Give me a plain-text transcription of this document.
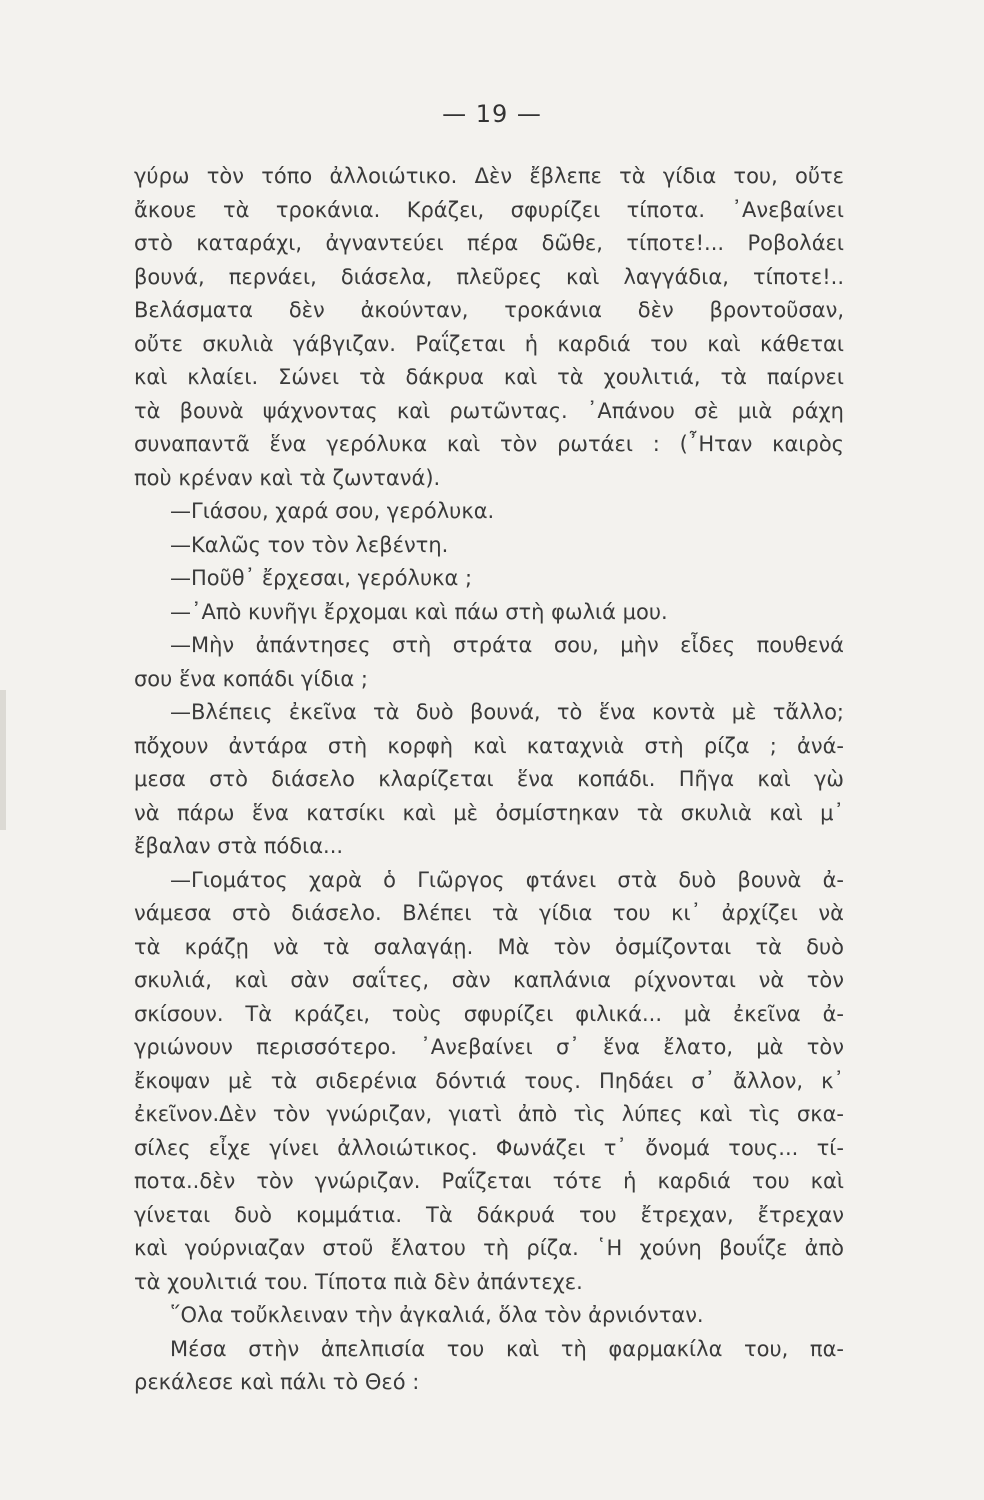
— 19 —
γύρω τὸν τόπο ἀλλοιώτικο. Δὲν ἔβλεπε τὰ γίδια του, οὔτε
ἄκουε τὰ τροκάνια. Κράζει, σφυρίζει τίποτα. ᾿Ανεβαίνει
στὸ καταράχι, ἀγναντεύει πέρα δῶθε, τίποτε!... Ροβολάει
βουνά, περνάει, διάσελα, πλεῦρες καὶ λαγγάδια, τίποτε!..
Βελάσματα δὲν ἀκούνταν, τροκάνια δὲν βροντοῦσαν,
οὔτε σκυλιὰ γάβγιζαν. Ραΐζεται ἡ καρδιά του καὶ κάθεται
καὶ κλαίει. Σώνει τὰ δάκρυα καὶ τὰ χουλιτιά, τὰ παίρνει
τὰ βουνὰ ψάχνοντας καὶ ρωτῶντας. ᾿Απάνου σὲ μιὰ ράχη
συναπαντᾶ ἕνα γερόλυκα καὶ τὸν ρωτάει : (῏Ηταν καιρὸς
ποὺ κρέναν καὶ τὰ ζωντανά).
—Γιάσου, χαρά σου, γερόλυκα.
—Καλῶς τον τὸν λεβέντη.
—Ποῦθ᾿ ἔρχεσαι, γερόλυκα ;
—᾿Απὸ κυνῆγι ἔρχομαι καὶ πάω στὴ φωλιά μου.
—Μὴν ἀπάντησες στὴ στράτα σου, μὴν εἶδες πουθενά
σου ἕνα κοπάδι γίδια ;
—Βλέπεις ἐκεῖνα τὰ δυὸ βουνά, τὸ ἕνα κοντὰ μὲ τἄλλο;
πὄχουν ἀντάρα στὴ κορφὴ καὶ καταχνιὰ στὴ ρίζα ; ἀνά-
μεσα στὸ διάσελο κλαρίζεται ἕνα κοπάδι. Πῆγα καὶ γὼ
νὰ πάρω ἕνα κατσίκι καὶ μὲ ὀσμίστηκαν τὰ σκυλιὰ καὶ μ᾿
ἔβαλαν στὰ πόδια...
—Γιομάτος χαρὰ ὁ Γιῶργος φτάνει στὰ δυὸ βουνὰ ἀ-
νάμεσα στὸ διάσελο. Βλέπει τὰ γίδια του κι᾿ ἀρχίζει νὰ
τὰ κράζῃ νὰ τὰ σαλαγάῃ. Μὰ τὸν ὀσμίζονται τὰ δυὸ
σκυλιά, καὶ σὰν σαΐτες, σὰν καπλάνια ρίχνονται νὰ τὸν
σκίσουν. Τὰ κράζει, τοὺς σφυρίζει φιλικά... μὰ ἐκεῖνα ἀ-
γριώνουν περισσότερο. ᾿Ανεβαίνει σ᾿ ἕνα ἔλατο, μὰ τὸν
ἔκοψαν μὲ τὰ σιδερένια δόντιά τους. Πηδάει σ᾿ ἄλλον, κ᾿
ἐκεῖνον.Δὲν τὸν γνώριζαν, γιατὶ ἀπὸ τὶς λύπες καὶ τὶς σκα-
σίλες εἶχε γίνει ἀλλοιώτικος. Φωνάζει τ᾿ ὄνομά τους... τί-
ποτα..δὲν τὸν γνώριζαν. Ραΐζεται τότε ἡ καρδιά του καὶ
γίνεται δυὸ κομμάτια. Τὰ δάκρυά του ἔτρεχαν, ἔτρεχαν
καὶ γούρνιαζαν στοῦ ἔλατου τὴ ρίζα. ῾Η χούνη βουΐζε ἀπὸ
τὰ χουλιτιά του. Τίποτα πιὰ δὲν ἀπάντεχε.
῞Ολα τοὔκλειναν τὴν ἀγκαλιά, ὅλα τὸν ἀρνιόνταν.
Μέσα στὴν ἀπελπισία του καὶ τὴ φαρμακίλα του, πα-
ρεκάλεσε καὶ πάλι τὸ Θεό :
